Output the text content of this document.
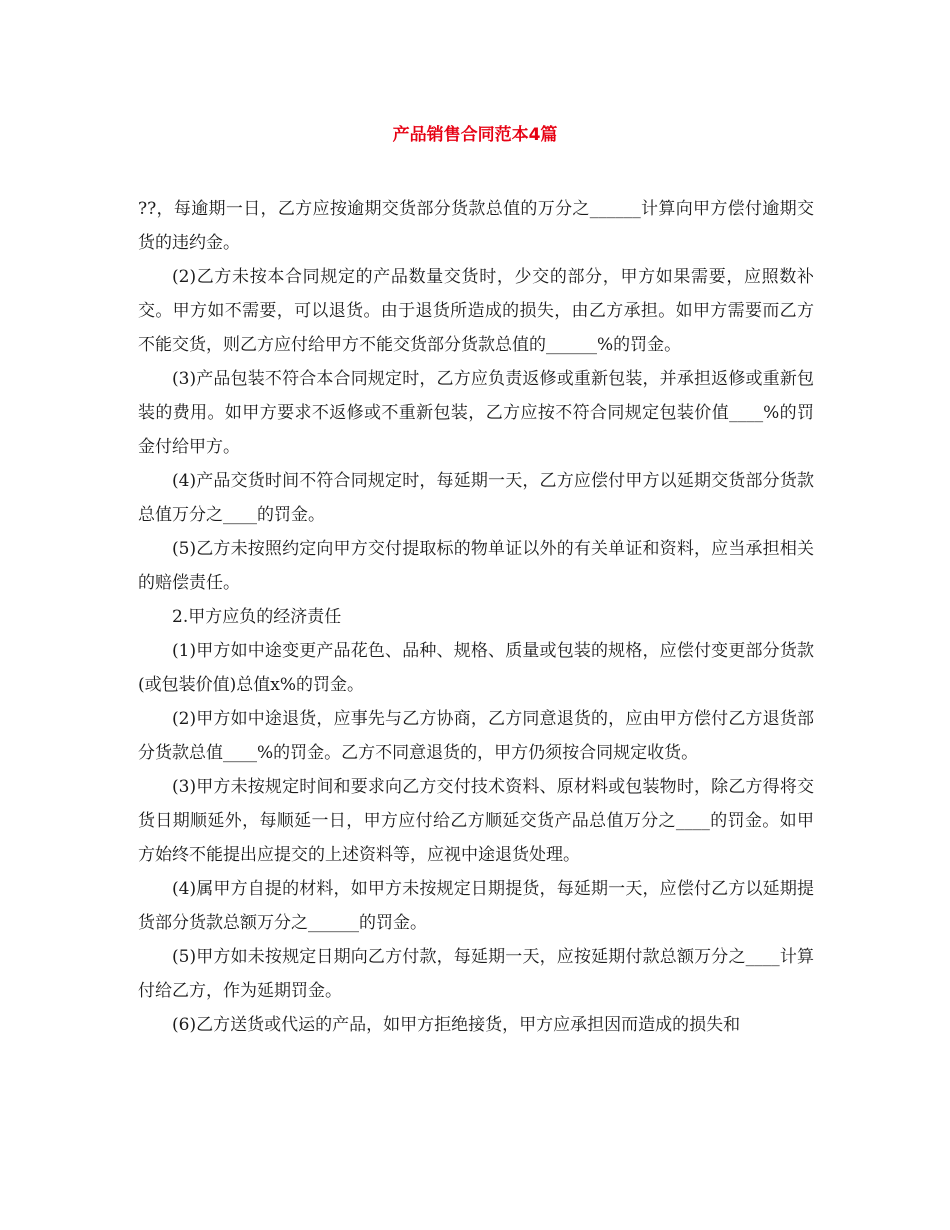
产品销售合同范本4篇

??，每逾期一日，乙方应按逾期交货部分货款总值的万分之______计算向甲方偿付逾期交货的违约金。

(2)乙方未按本合同规定的产品数量交货时，少交的部分，甲方如果需要，应照数补交。甲方如不需要，可以退货。由于退货所造成的损失，由乙方承担。如甲方需要而乙方不能交货，则乙方应付给甲方不能交货部分货款总值的______%的罚金。

(3)产品包装不符合本合同规定时，乙方应负责返修或重新包装，并承担返修或重新包装的费用。如甲方要求不返修或不重新包装，乙方应按不符合同规定包装价值____%的罚金付给甲方。

(4)产品交货时间不符合同规定时，每延期一天，乙方应偿付甲方以延期交货部分货款总值万分之____的罚金。

(5)乙方未按照约定向甲方交付提取标的物单证以外的有关单证和资料，应当承担相关的赔偿责任。

2.甲方应负的经济责任

(1)甲方如中途变更产品花色、品种、规格、质量或包装的规格，应偿付变更部分货款(或包装价值)总值x%的罚金。

(2)甲方如中途退货，应事先与乙方协商，乙方同意退货的，应由甲方偿付乙方退货部分货款总值____%的罚金。乙方不同意退货的，甲方仍须按合同规定收货。

(3)甲方未按规定时间和要求向乙方交付技术资料、原材料或包装物时，除乙方得将交货日期顺延外，每顺延一日，甲方应付给乙方顺延交货产品总值万分之____的罚金。如甲方始终不能提出应提交的上述资料等，应视中途退货处理。

(4)属甲方自提的材料，如甲方未按规定日期提货，每延期一天，应偿付乙方以延期提货部分货款总额万分之______的罚金。

(5)甲方如未按规定日期向乙方付款，每延期一天，应按延期付款总额万分之____计算付给乙方，作为延期罚金。

(6)乙方送货或代运的产品，如甲方拒绝接货，甲方应承担因而造成的损失和
